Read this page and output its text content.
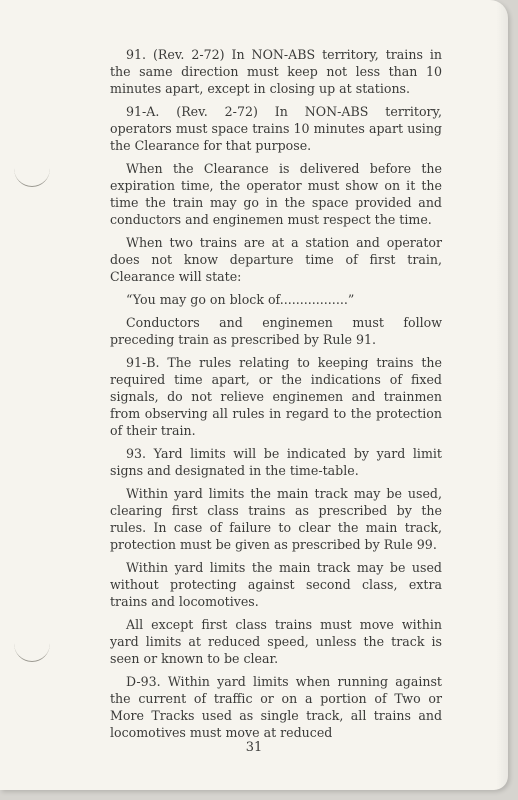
91. (Rev. 2-72) In NON-ABS territory, trains in the same direction must keep not less than 10 minutes apart, except in closing up at stations.

91-A. (Rev. 2-72) In NON-ABS territory, operators must space trains 10 minutes apart using the Clearance for that purpose.

When the Clearance is delivered before the expiration time, the operator must show on it the time the train may go in the space provided and conductors and enginemen must respect the time.

When two trains are at a station and operator does not know departure time of first train, Clearance will state:

“You may go on block of.................”

Conductors and enginemen must follow preceding train as prescribed by Rule 91.

91-B. The rules relating to keeping trains the required time apart, or the indications of fixed signals, do not relieve enginemen and trainmen from observing all rules in regard to the protection of their train.

93. Yard limits will be indicated by yard limit signs and designated in the time-table.

Within yard limits the main track may be used, clearing first class trains as prescribed by the rules. In case of failure to clear the main track, protection must be given as prescribed by Rule 99.

Within yard limits the main track may be used without protecting against second class, extra trains and locomotives.

All except first class trains must move within yard limits at reduced speed, unless the track is seen or known to be clear.

D-93. Within yard limits when running against the current of traffic or on a portion of Two or More Tracks used as single track, all trains and locomotives must move at reduced

31
